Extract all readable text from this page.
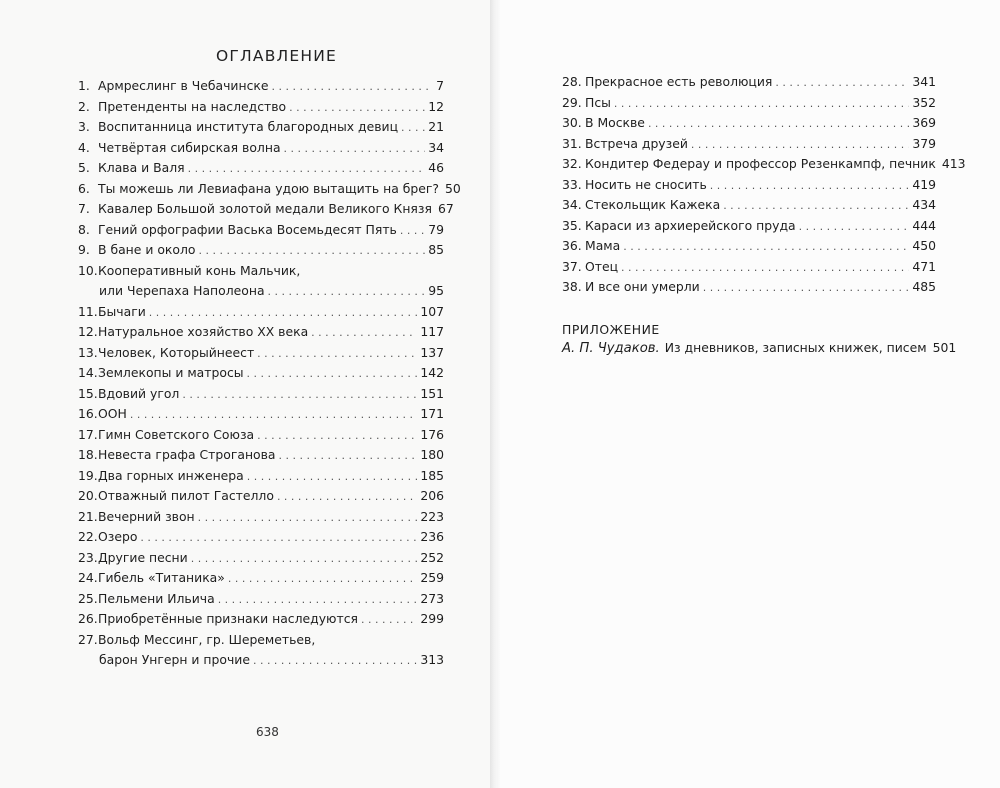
ОГЛАВЛЕНИЕ
1. Армреслинг в Чебачинске . . .	7
2. Претенденты на наследство . . .	12
3. Воспитанница института благородных девиц . . . 21
4. Четвёртая сибирская волна . . .	34
5. Клава и Валя . . .	46
6. Ты можешь ли Левиафана удою вытащить на брег? 50
7. Кавалер Большой золотой медали Великого Князя 67
8. Гений орфографии Васька Восемьдесят Пять . . .	79
9. В бане и около . . .	85
10. Кооперативный конь Мальчик,
или Черепаха Наполеона . . .	95
11. Бычаги . . .	107
12. Натуральное хозяйство ХХ века . . .	117
13. Человек, Которыйнеест . . .	137
14. Землекопы и матросы . . .	142
15. Вдовий угол . . .	151
16. ООН . . .	171
17. Гимн Советского Союза . . .	176
18. Невеста графа Строганова . . .	180
19. Два горных инженера . . .	185
20. Отважный пилот Гастелло . . .	206
21. Вечерний звон . . .	223
22. Озеро . . .	236
23. Другие песни . . .	252
24. Гибель «Титаника» . . .	259
25. Пельмени Ильича . . .	273
26. Приобретённые признаки наследуются . . .	299
27. Вольф Мессинг, гр. Шереметьев,
барон Унгерн и прочие . . .	313
638
28. Прекрасное есть революция . . .	341
29. Псы . . .	352
30. В Москве . . .	369
31. Встреча друзей . . .	379
32. Кондитер Федерау и профессор Резенкампф, печник 413
33. Носить не сносить . . .	419
34. Стекольщик Кажека . . .	434
35. Караси из архиерейского пруда . . .	444
36. Мама . . .	450
37. Отец . . .	471
38. И все они умерли . . .	485
ПРИЛОЖЕНИЕ
А. П. Чудаков. Из дневников, записных книжек, писем 501
